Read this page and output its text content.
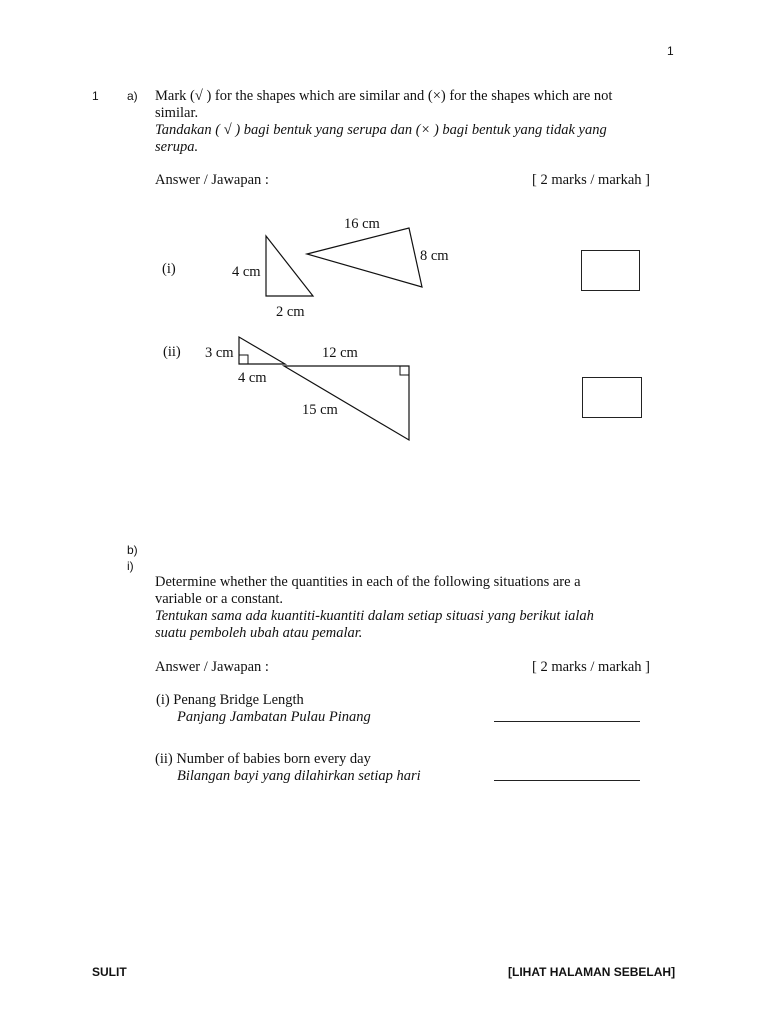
1
1 a) Mark (√ ) for the shapes which are similar and (×) for the shapes which are not
similar.
Tandakan ( √ ) bagi bentuk yang serupa dan (× ) bagi bentuk yang tidak yang
serupa.
Answer / Jawapan :	[ 2 marks / markah ]
(i)	4 cm
2 cm
16 cm
8 cm
(ii) 3 cm
4 cm
12 cm
15 cm
b)
i)
Determine whether the quantities in each of the following situations are a
variable or a constant.
Tentukan sama ada kuantiti-kuantiti dalam setiap situasi yang berikut ialah
suatu pemboleh ubah atau pemalar.
Answer / Jawapan :	[ 2 marks / markah ]
(i) Penang Bridge Length
Panjang Jambatan Pulau Pinang
(ii) Number of babies born every day
Bilangan bayi yang dilahirkan setiap hari
SULIT	[LIHAT HALAMAN SEBELAH]
